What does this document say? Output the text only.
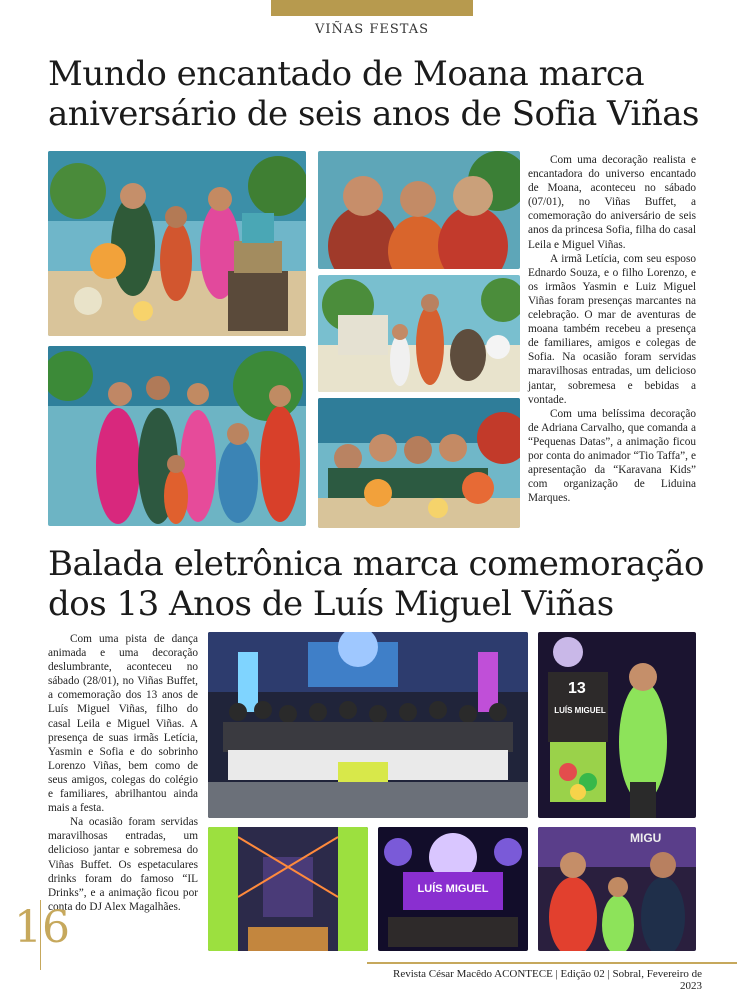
VIÑAS FESTAS
Mundo encantado de Moana marca aniversário de seis anos de Sofia Viñas

Com uma decoração realista e encantadora do universo encantado de Moana, aconteceu no sábado (07/01), no Viñas Buffet, a comemoração do aniversário de seis anos da princesa Sofia, filha do casal Leila e Miguel Viñas.

A irmã Letícia, com seu esposo Ednardo Souza, e o filho Lorenzo, e os irmãos Yasmin e Luiz Miguel Viñas foram presenças marcantes na celebração. O mar de aventuras de moana também recebeu a presença de familiares, amigos e colegas de Sofia. Na ocasião foram servidas maravilhosas entradas, um delicioso jantar, sobremesa e bebidas a vontade.

Com uma belíssima decoração de Adriana Carvalho, que comanda a “Pequenas Datas”, a animação ficou por conta do animador “Tio Taffa”, e apresentação da “Karavana Kids” com organização de Liduina Marques.

Balada eletrônica marca comemoração dos 13 Anos de Luís Miguel Viñas

Com uma pista de dança animada e uma decoração deslumbrante, aconteceu no sábado (28/01), no Viñas Buffet, a comemoração dos 13 anos de Luís Miguel Viñas, filho do casal Leila e Miguel Viñas. A presença de suas irmãs Letícia, Yasmin e Sofia e do sobrinho Lorenzo Viñas, bem como de seus amigos, colegas do colégio e familiares, abrilhantou ainda mais a festa.

Na ocasião foram servidas maravilhosas entradas, um delicioso jantar e sobremesa do Viñas Buffet. Os espetaculares drinks foram do famoso “IL Drinks”, e a animação ficou por conta do DJ Alex Magalhães.

13
LUÍS MIGUEL
LUÍS MIGUEL
MIGU
16
Revista César Macêdo ACONTECE | Edição 02 | Sobral, Fevereiro de 2023
